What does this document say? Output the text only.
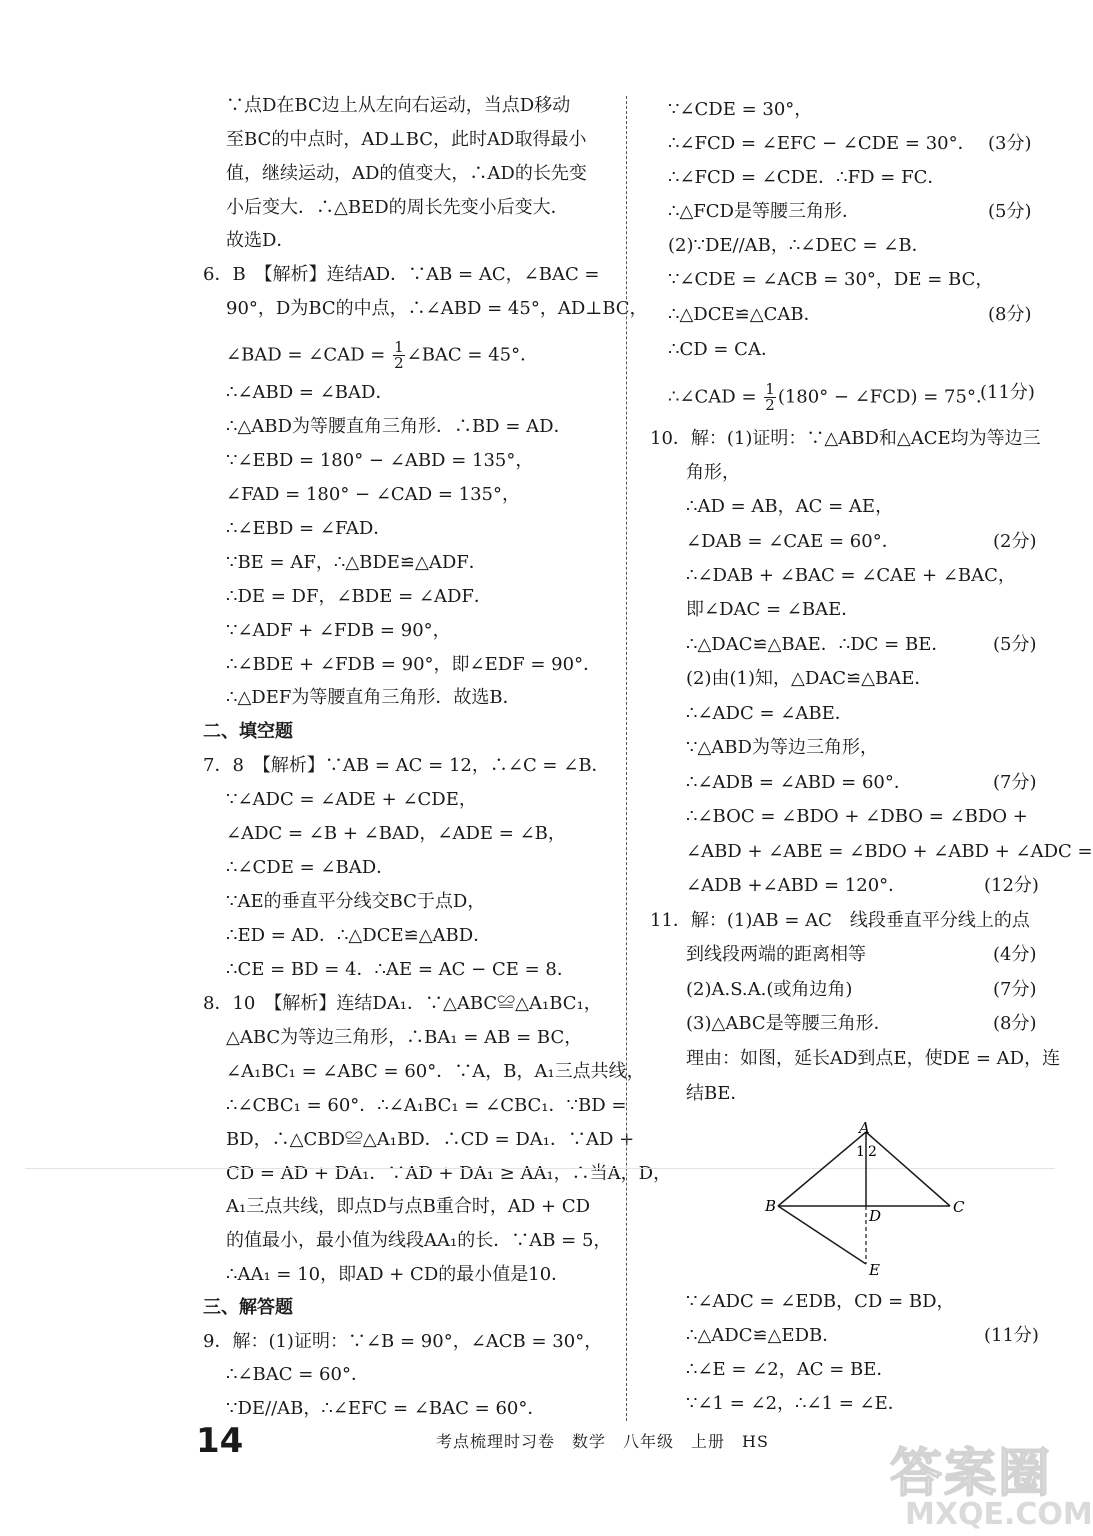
∵点D在BC边上从左向右运动，当点D移动
至BC的中点时，AD⊥BC，此时AD取得最小
值，继续运动，AD的值变大，∴AD的长先变
小后变大．∴△BED的周长先变小后变大．
故选D．
6．B　【解析】连结AD．∵AB = AC，∠BAC =
90°，D为BC的中点，∴∠ABD = 45°，AD⊥BC，
∴∠ABD = ∠BAD．
∴△ABD为等腰直角三角形．∴BD = AD．
∵∠EBD = 180° − ∠ABD = 135°，
∠FAD = 180° − ∠CAD = 135°，
∴∠EBD = ∠FAD．
∵BE = AF，∴△BDE≌△ADF．
∴DE = DF，∠BDE = ∠ADF．
∵∠ADF + ∠FDB = 90°，
∴∠BDE + ∠FDB = 90°，即∠EDF = 90°．
∴△DEF为等腰直角三角形．故选B．
二、填空题
7．8　【解析】∵AB = AC = 12，∴∠C = ∠B．
∵∠ADC = ∠ADE + ∠CDE，
∠ADC = ∠B + ∠BAD，∠ADE = ∠B，
∴∠CDE = ∠BAD．
∵AE的垂直平分线交BC于点D，
∴ED = AD．∴△DCE≌△ABD．
∴CE = BD = 4．∴AE = AC − CE = 8．
8．10　【解析】连结DA₁．∵△ABC≌△A₁BC₁，
△ABC为等边三角形，∴BA₁ = AB = BC，
∠A₁BC₁ = ∠ABC = 60°．∵A，B，A₁三点共线，
∴∠CBC₁ = 60°．∴∠A₁BC₁ = ∠CBC₁．∵BD =
BD，∴△CBD≌△A₁BD．∴CD = DA₁．∵AD +
CD = AD + DA₁．∵AD + DA₁ ≥ AA₁，∴当A，D，
A₁三点共线，即点D与点B重合时，AD + CD
的值最小，最小值为线段AA₁的长．∵AB = 5，
∴AA₁ = 10，即AD + CD的最小值是10．
三、解答题
9．解：(1)证明：∵∠B = 90°，∠ACB = 30°，
∴∠BAC = 60°．
∵DE//AB，∴∠EFC = ∠BAC = 60°．
∵∠CDE = 30°，
∴∠FCD = ∠EFC − ∠CDE = 30°．
∴∠FCD = ∠CDE．∴FD = FC．
∴△FCD是等腰三角形．
(2)∵DE//AB，∴∠DEC = ∠B．
∵∠CDE = ∠ACB = 30°，DE = BC，
∴△DCE≌△CAB．
∴CD = CA．
10．解：(1)证明：∵△ABD和△ACE均为等边三
角形，
∴AD = AB，AC = AE，
∠DAB = ∠CAE = 60°．
∴∠DAB + ∠BAC = ∠CAE + ∠BAC，
即∠DAC = ∠BAE．
∴△DAC≌△BAE．∴DC = BE．
(2)由(1)知，△DAC≌△BAE．
∴∠ADC = ∠ABE．
∵△ABD为等边三角形，
∴∠ADB = ∠ABD = 60°．
∴∠BOC = ∠BDO + ∠DBO = ∠BDO +
∠ABD + ∠ABE = ∠BDO + ∠ABD + ∠ADC =
∠ADB +∠ABD = 120°．
11．解：(1)AB = AC　线段垂直平分线上的点
到线段两端的距离相等
(2)A.S.A.(或角边角)
(3)△ABC是等腰三角形．
理由：如图，延长AD到点E，使DE = AD，连
结BE．
∵∠ADC = ∠EDB，CD = BD，
∴△ADC≌△EDB．
∴∠E = ∠2，AC = BE．
∵∠1 = ∠2，∴∠1 = ∠E．
∠BAD = ∠CAD = $\frac{1}{2}$ ∠BAC = 45°．
∴∠CAD = $\frac{1}{2} (180^\circ$ − ∠FCD) = 75°．
A
1 2
B	C
D
E
14	考点梳理时习卷　数学　八年级　上册　HS
答案圈
MXQE.COM
(3分)
(5分)
(8分)
(11分)
(2分)
(5分)
(7分)
(12分)
(4分)
(7分)
(8分)
(11分)
